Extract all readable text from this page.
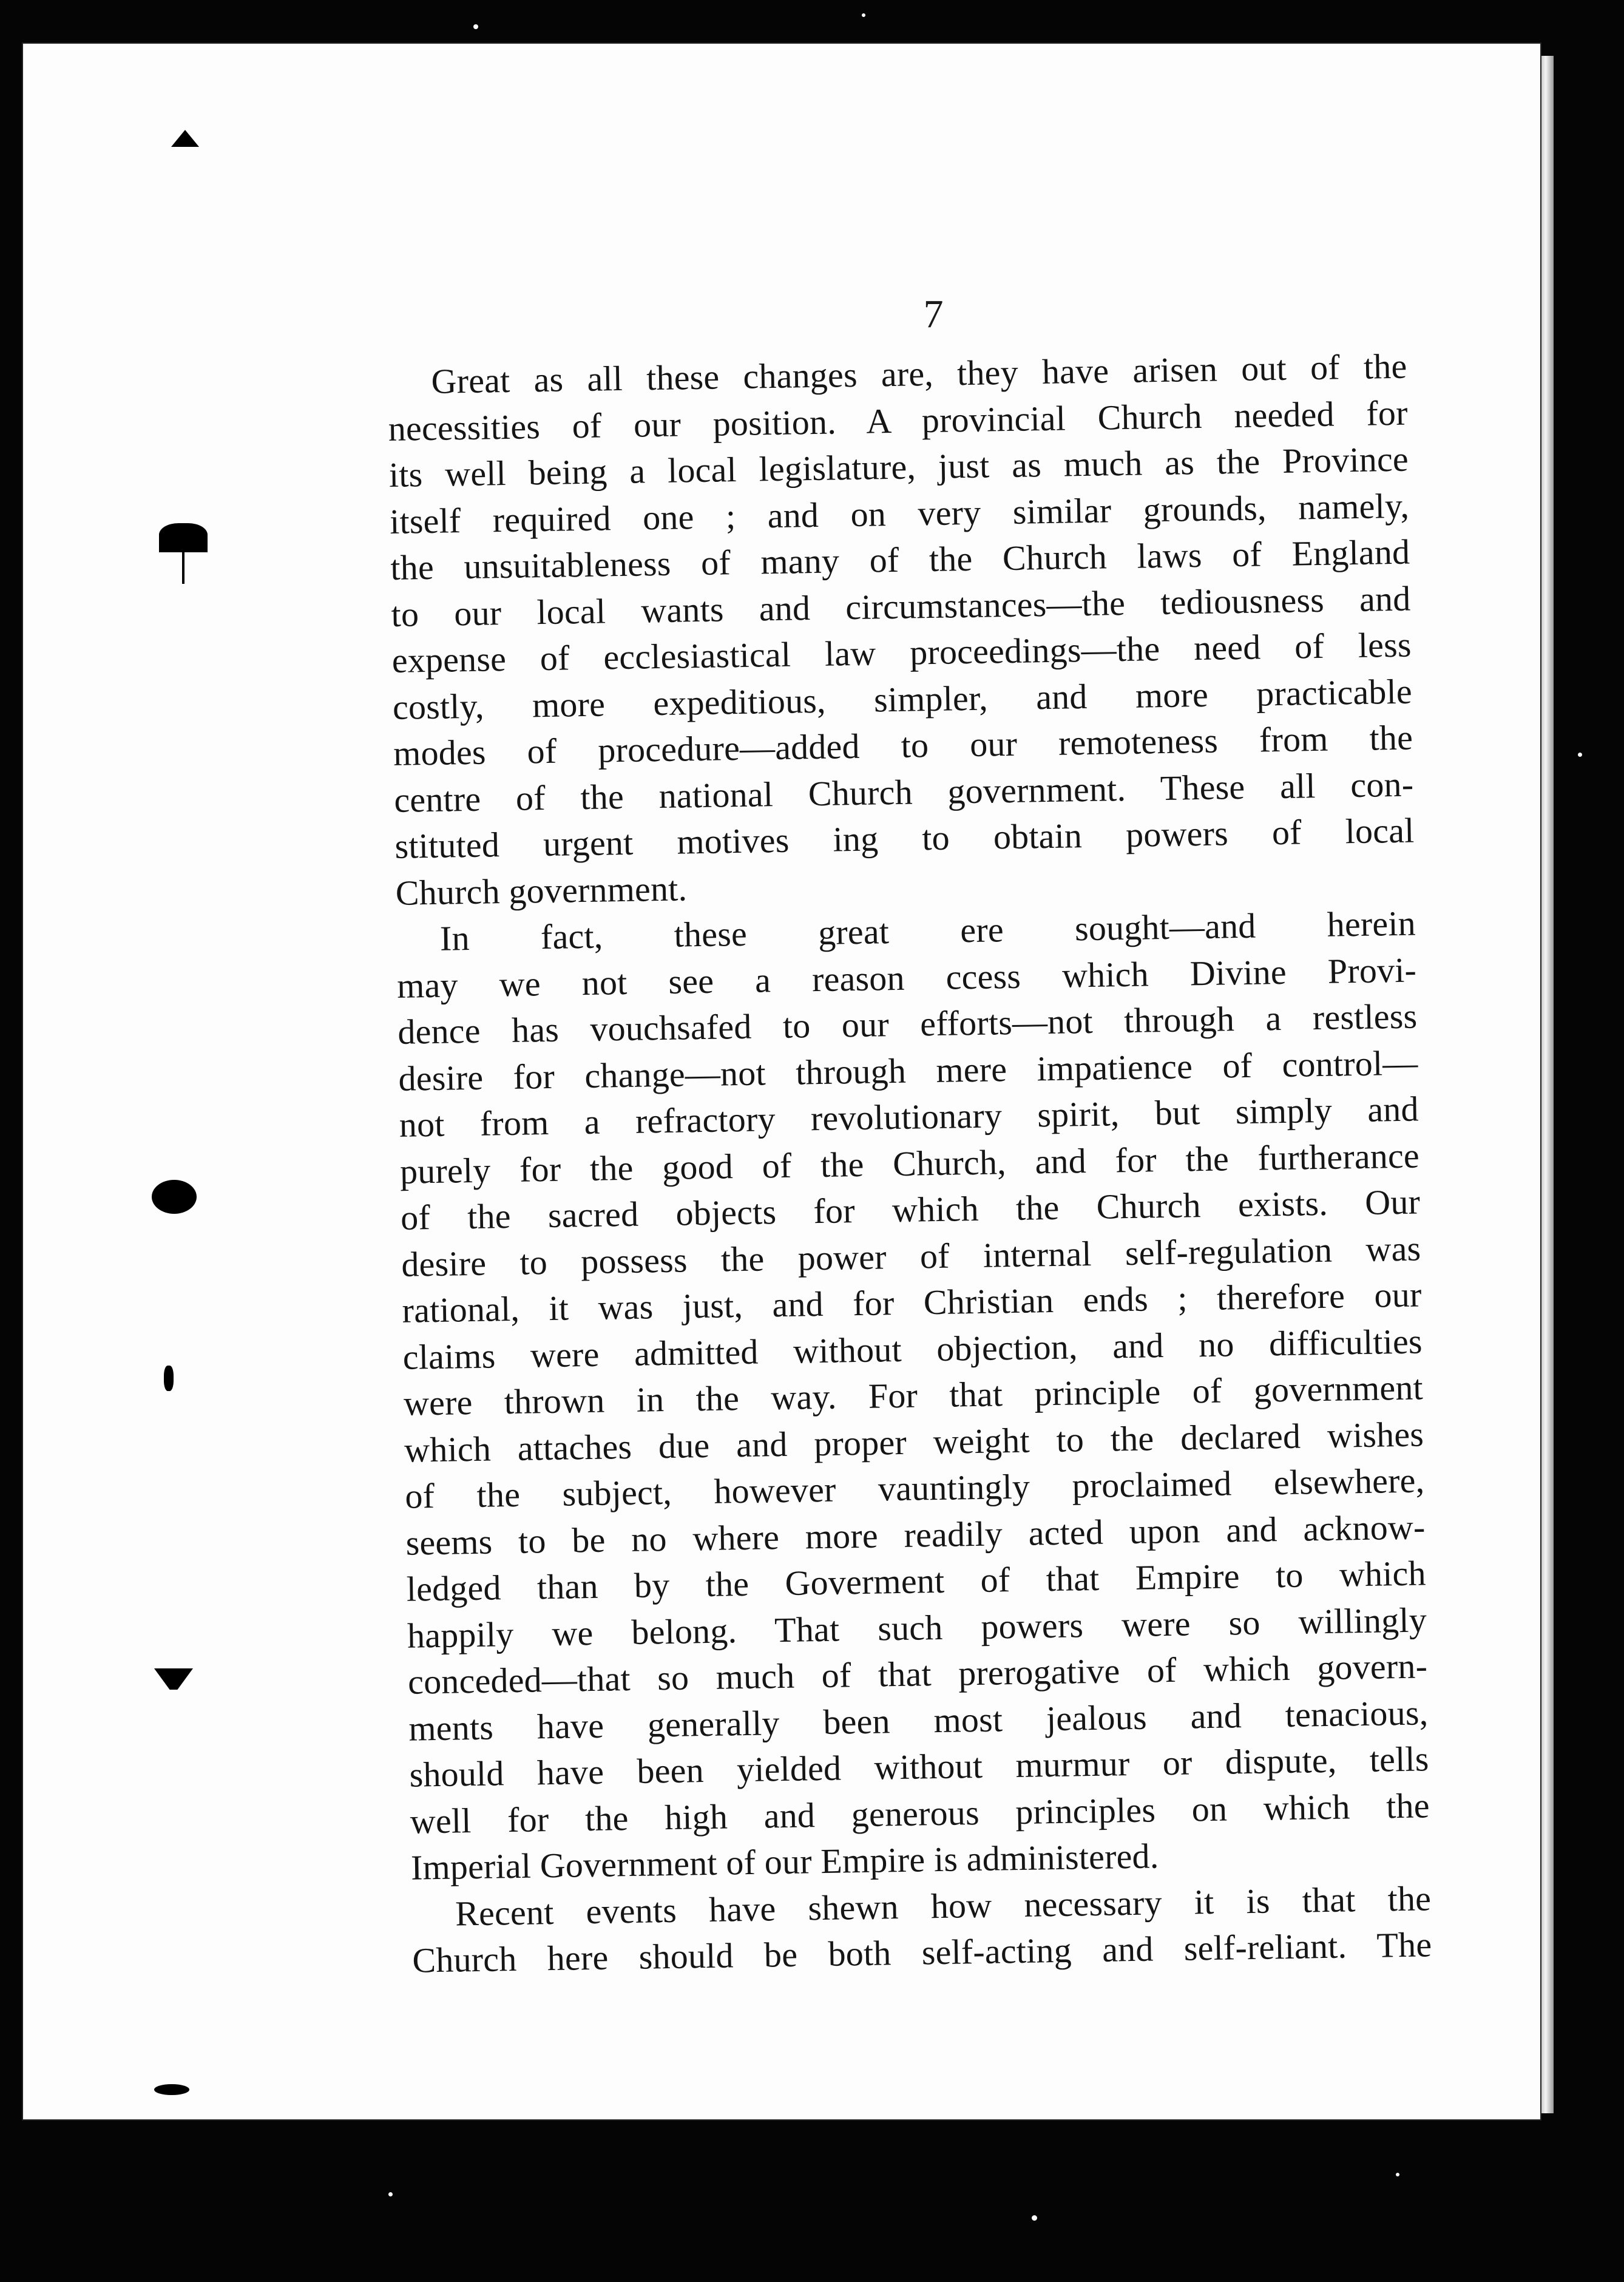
7

Great as all these changes are, they have arisen out of the
necessities of our position. A provincial Church needed for
its well being a local legislature, just as much as the Province
itself required one ; and on very similar grounds, namely,
the unsuitableness of many of the Church laws of England
to our local wants and circumstances—the tediousness and
expense of ecclesiastical law proceedings—the need of less
costly, more expeditious, simpler, and more practicable
modes of procedure—added to our remoteness from the
centre of the national Church government. These all con-
stituted urgent motives ing to obtain powers of local
Church government.
In fact, these great ere sought—and herein
may we not see a reason ccess which Divine Provi-
dence has vouchsafed to our efforts—not through a restless
desire for change—not through mere impatience of control—
not from a refractory revolutionary spirit, but simply and
purely for the good of the Church, and for the furtherance
of the sacred objects for which the Church exists. Our
desire to possess the power of internal self-regulation was
rational, it was just, and for Christian ends ; therefore our
claims were admitted without objection, and no difficulties
were thrown in the way. For that principle of government
which attaches due and proper weight to the declared wishes
of the subject, however vauntingly proclaimed elsewhere,
seems to be no where more readily acted upon and acknow-
ledged than by the Goverment of that Empire to which
happily we belong. That such powers were so willingly
conceded—that so much of that prerogative of which govern-
ments have generally been most jealous and tenacious,
should have been yielded without murmur or dispute, tells
well for the high and generous principles on which the
Imperial Government of our Empire is administered.
Recent events have shewn how necessary it is that the
Church here should be both self-acting and self-reliant. The
